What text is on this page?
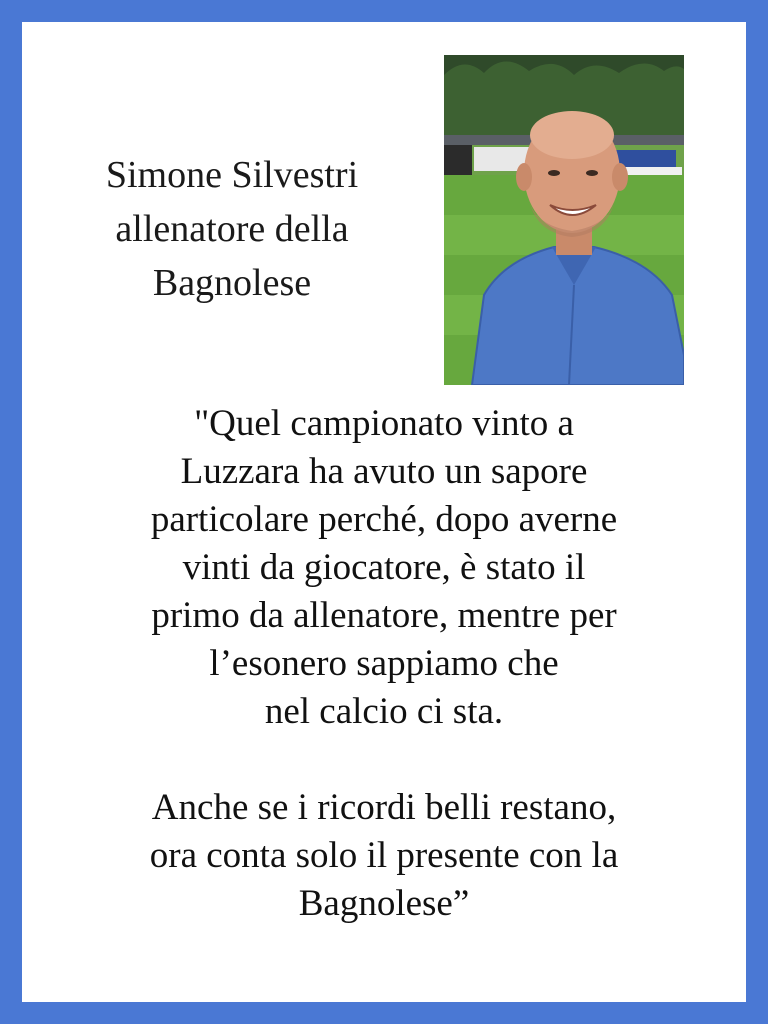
Simone Silvestri
allenatore della
Bagnolese
"Quel campionato vinto a
Luzzara ha avuto un sapore
particolare perché, dopo averne
vinti da giocatore, è stato il
primo da allenatore, mentre per
l’esonero sappiamo che
nel calcio ci sta.
Anche se i ricordi belli restano,
ora conta solo il presente con la
Bagnolese”
